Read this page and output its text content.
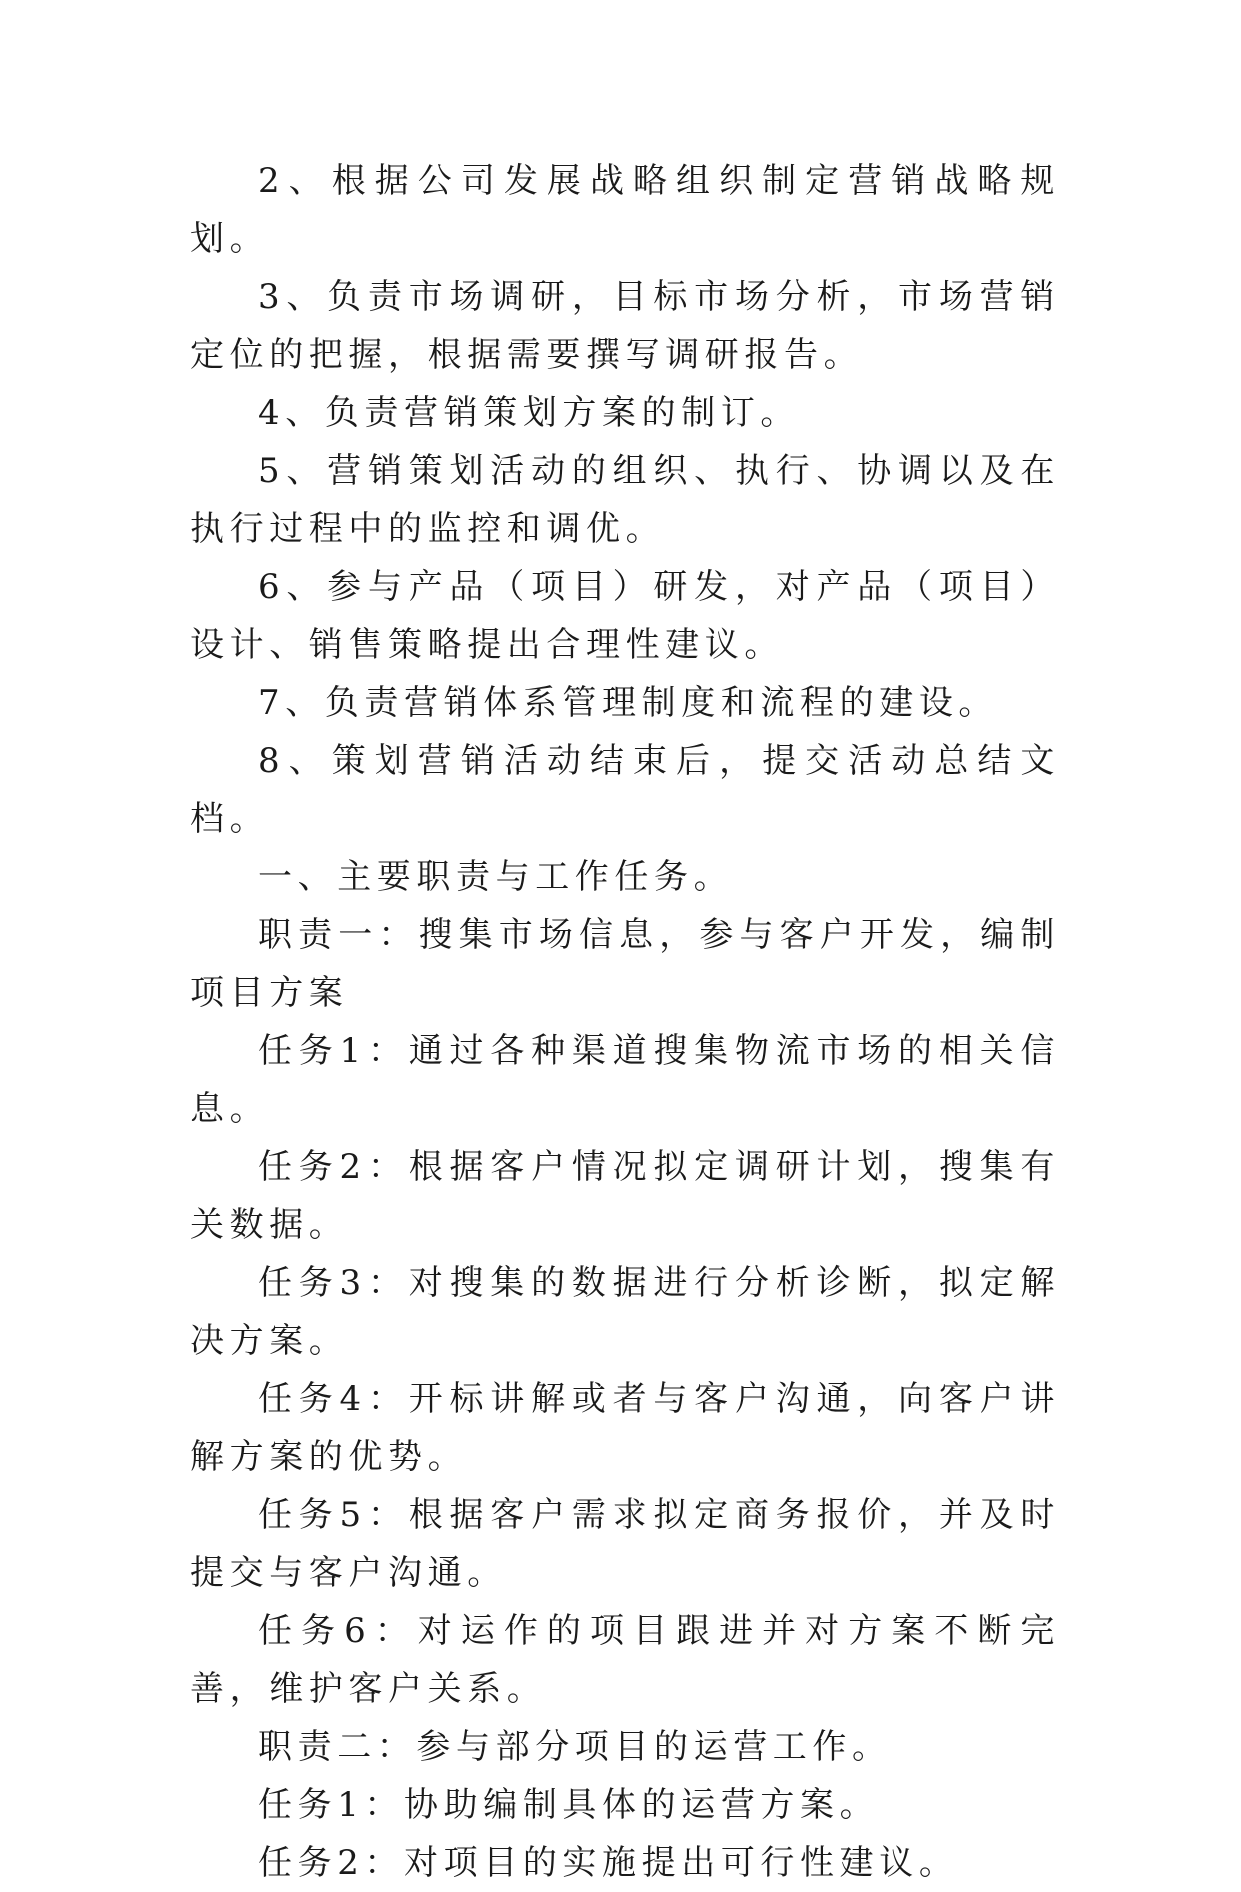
2、根据公司发展战略组织制定营销战略规划。

3、负责市场调研，目标市场分析，市场营销定位的把握，根据需要撰写调研报告。

4、负责营销策划方案的制订。

5、营销策划活动的组织、执行、协调以及在执行过程中的监控和调优。

6、参与产品（项目）研发，对产品（项目）设计、销售策略提出合理性建议。

7、负责营销体系管理制度和流程的建设。

8、策划营销活动结束后，提交活动总结文档。

一、主要职责与工作任务。

职责一：搜集市场信息，参与客户开发，编制项目方案

任务1：通过各种渠道搜集物流市场的相关信息。

任务2：根据客户情况拟定调研计划，搜集有关数据。

任务3：对搜集的数据进行分析诊断，拟定解决方案。

任务4：开标讲解或者与客户沟通，向客户讲解方案的优势。

任务5：根据客户需求拟定商务报价，并及时提交与客户沟通。

任务6：对运作的项目跟进并对方案不断完善，维护客户关系。

职责二：参与部分项目的运营工作。

任务1：协助编制具体的运营方案。

任务2：对项目的实施提出可行性建议。
